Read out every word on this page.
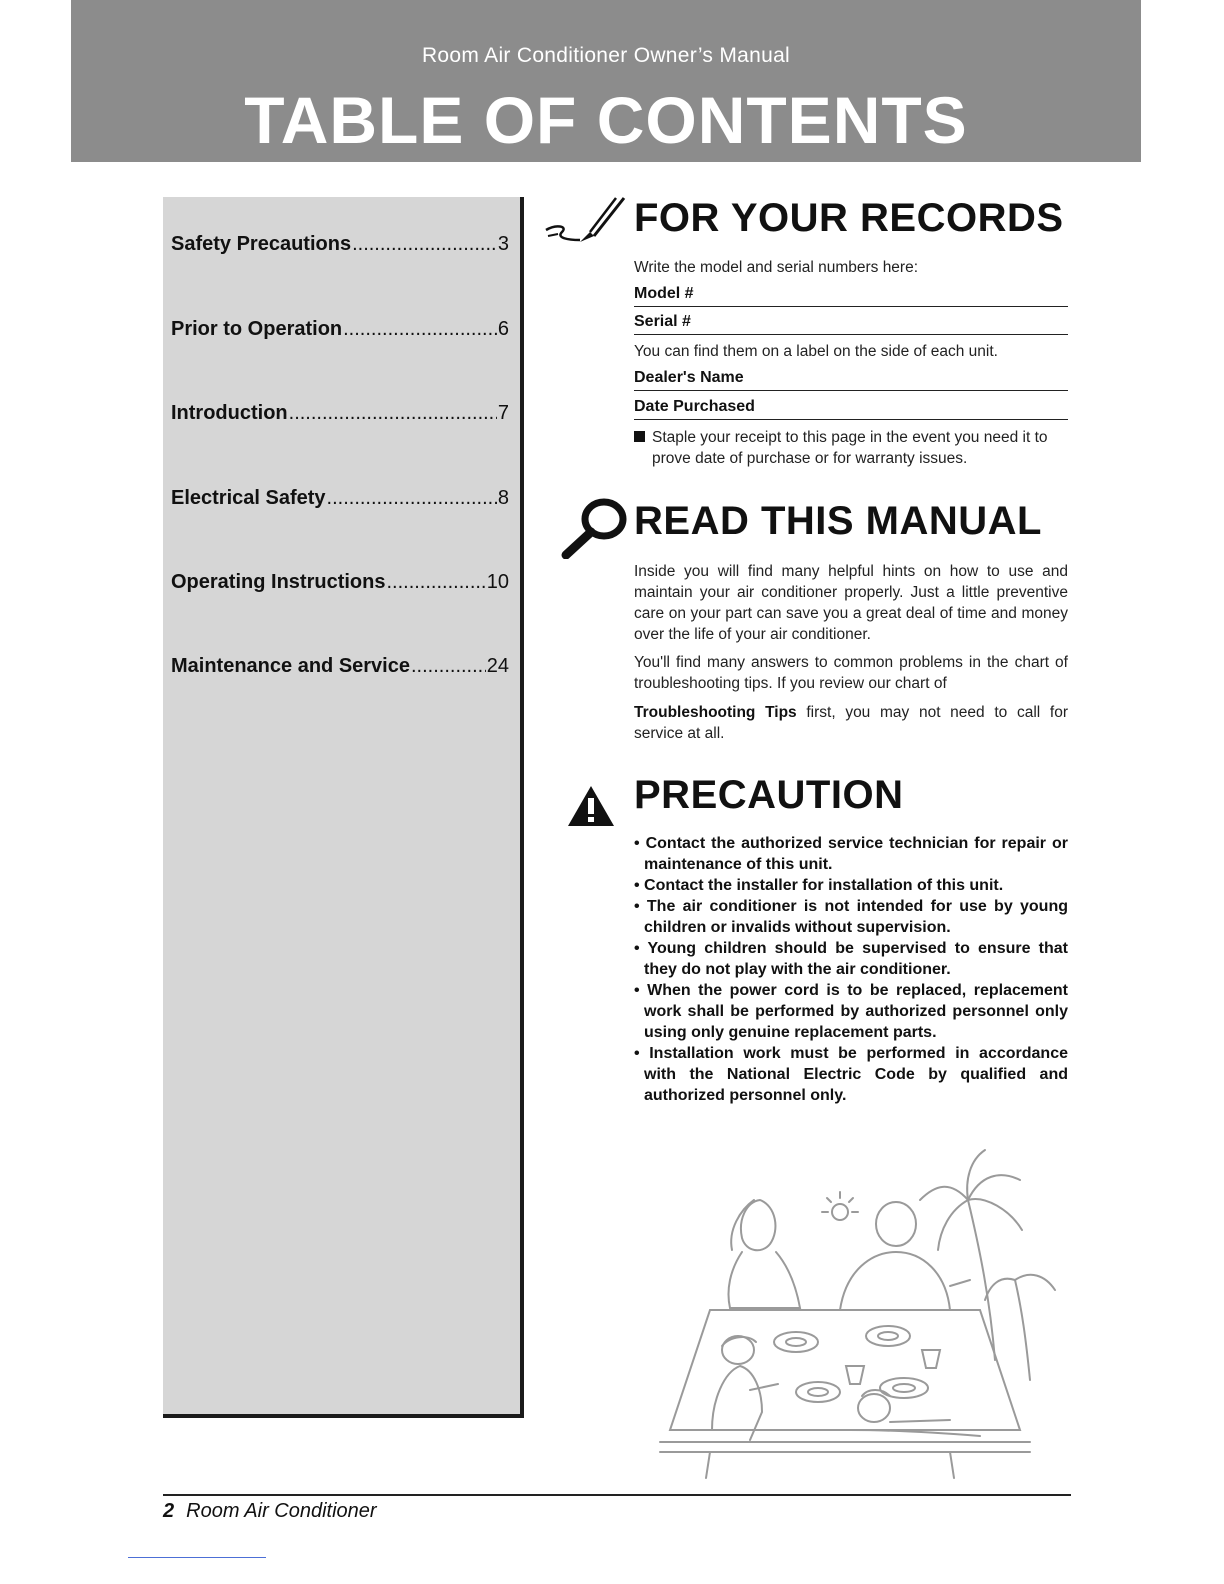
Room Air Conditioner Owner’s Manual
TABLE OF CONTENTS
Safety Precautions .....	3
Prior to Operation .....	6
Introduction .....	7
Electrical Safety .....	8
Operating Instructions .....	10
Maintenance and Service .....	24
FOR YOUR RECORDS
Write the model and serial numbers here:
Model #
Serial #
You can find them on a label on the side of each unit.
Dealer's Name
Date Purchased
Staple your receipt to this page in the event you need it to prove date of purchase or for warranty issues.
READ THIS MANUAL
Inside you will find many helpful hints on how to use and maintain your air conditioner properly. Just a little preventive care on your part can save you a great deal of time and money over the life of your air conditioner.
You'll find many answers to common problems in the chart of troubleshooting tips. If you review our chart of
Troubleshooting Tips first, you may not need to call for service at all.
PRECAUTION
• Contact the authorized service technician for repair or maintenance of this unit.
• Contact the installer for installation of this unit.
• The air conditioner is not intended for use by young children or invalids without supervision.
• Young children should be supervised to ensure that they do not play with the air conditioner.
• When the power cord is to be replaced, replacement work shall be performed by authorized personnel only using only genuine replacement parts.
• Installation work must be performed in accordance with the National Electric Code by qualified and authorized personnel only.
2 Room Air Conditioner
